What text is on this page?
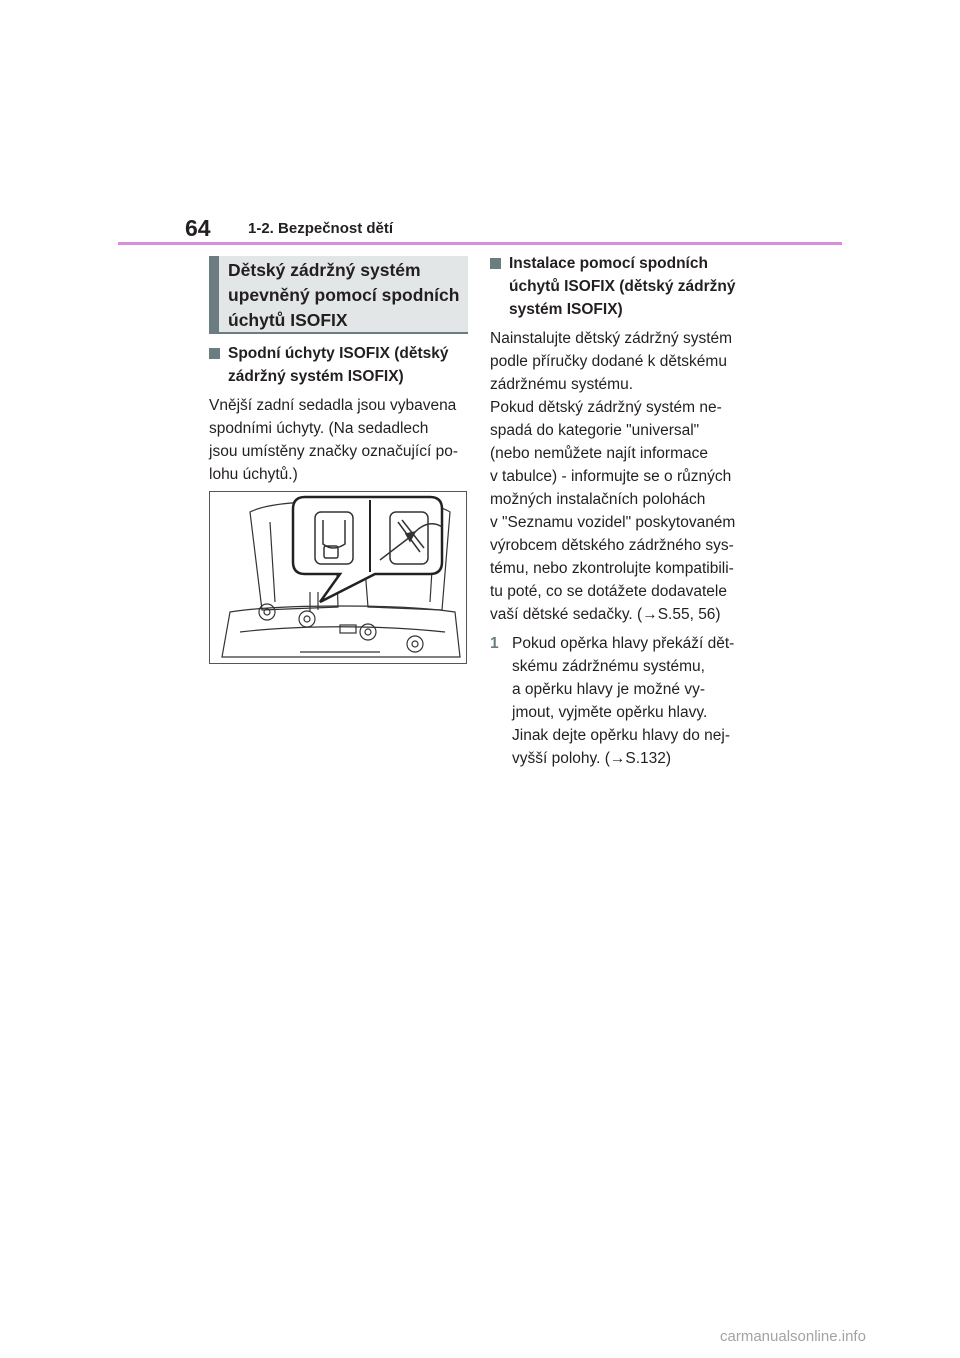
64 1-2. Bezpečnost dětí
Dětský zádržný systém
upevněný pomocí spodních
úchytů ISOFIX
Spodní úchyty ISOFIX (dětský
zádržný systém ISOFIX)
Vnější zadní sedadla jsou vybavena
spodními úchyty. (Na sedadlech
jsou umístěny značky označující po-
lohu úchytů.)
Instalace pomocí spodních
úchytů ISOFIX (dětský zádržný
systém ISOFIX)
Nainstalujte dětský zádržný systém
podle příručky dodané k dětskému
zádržnému systému.
Pokud dětský zádržný systém ne-
spadá do kategorie "universal"
(nebo nemůžete najít informace
v tabulce) - informujte se o různých
možných instalačních polohách
v "Seznamu vozidel" poskytovaném
výrobcem dětského zádržného sys-
tému, nebo zkontrolujte kompatibili-
tu poté, co se dotážete dodavatele
vaší dětské sedačky. (→S.55, 56)
1 Pokud opěrka hlavy překáží dět-
skému zádržnému systému,
a opěrku hlavy je možné vy-
jmout, vyjměte opěrku hlavy.
Jinak dejte opěrku hlavy do nej-
vyšší polohy. (→S.132)
carmanualsonline.info
